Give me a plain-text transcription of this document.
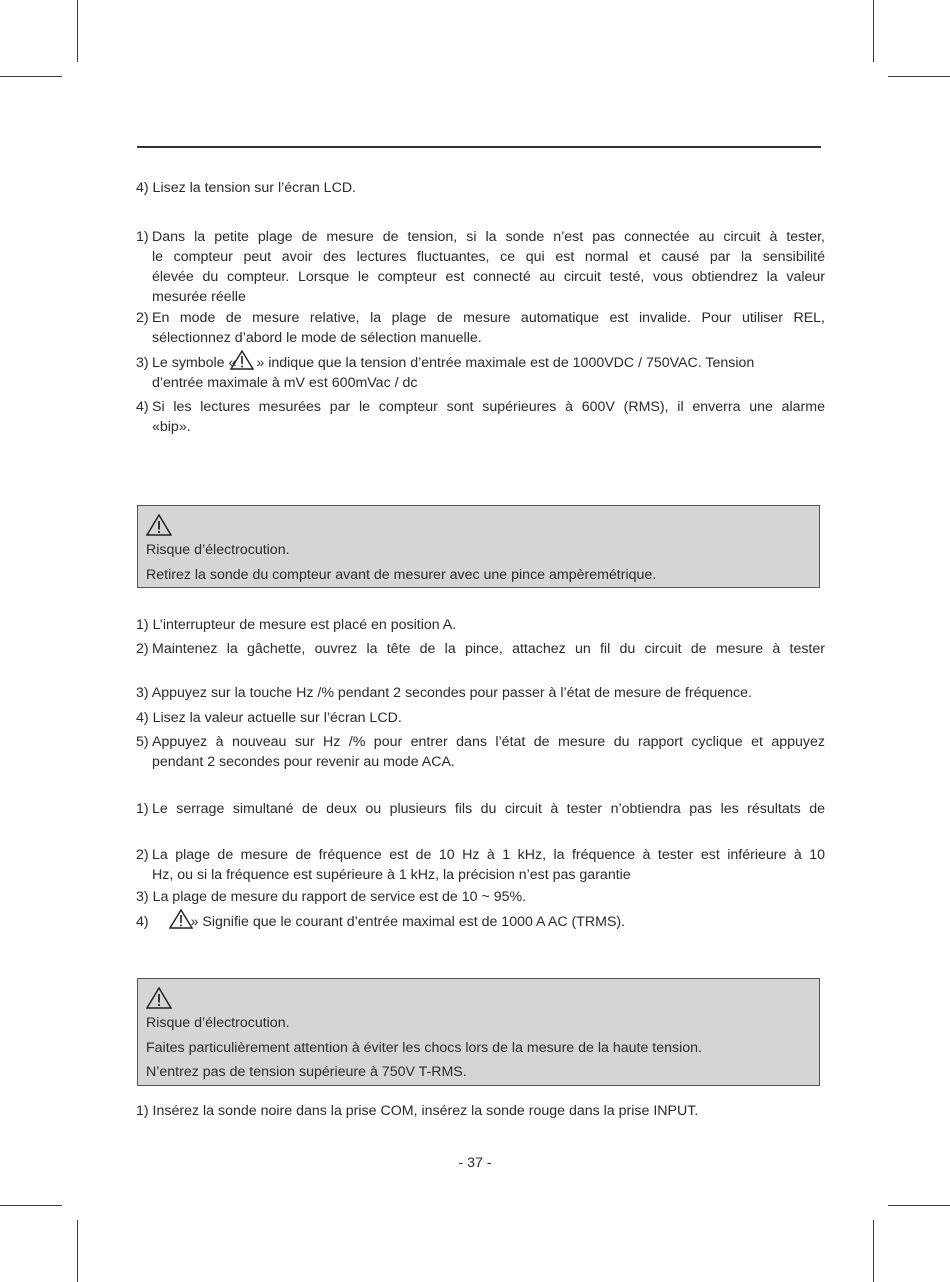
4) Lisez la tension sur l’écran LCD.
1) Dans la petite plage de mesure de tension, si la sonde n’est pas connectée au circuit à tester,
le compteur peut avoir des lectures fluctuantes, ce qui est normal et causé par la sensibilité
élevée du compteur. Lorsque le compteur est connecté au circuit testé, vous obtiendrez la valeur
mesurée réelle
2) En mode de mesure relative, la plage de mesure automatique est invalide. Pour utiliser REL,
sélectionnez d’abord le mode de sélection manuelle.
3) Le symbole « » indique que la tension d’entrée maximale est de 1000VDC / 750VAC. Tension
d’entrée maximale à mV est 600mVac / dc
4) Si les lectures mesurées par le compteur sont supérieures à 600V (RMS), il enverra une alarme
«bip».
Risque d’électrocution.
Retirez la sonde du compteur avant de mesurer avec une pince ampèremétrique.
1) L’interrupteur de mesure est placé en position A.
2) Maintenez la gâchette, ouvrez la tête de la pince, attachez un fil du circuit de mesure à tester
3) Appuyez sur la touche Hz /% pendant 2 secondes pour passer à l’état de mesure de fréquence.
4) Lisez la valeur actuelle sur l’écran LCD.
5) Appuyez à nouveau sur Hz /% pour entrer dans l’état de mesure du rapport cyclique et appuyez
pendant 2 secondes pour revenir au mode ACA.
1) Le serrage simultané de deux ou plusieurs fils du circuit à tester n’obtiendra pas les résultats de
2) La plage de mesure de fréquence est de 10 Hz à 1 kHz, la fréquence à tester est inférieure à 10
Hz, ou si la fréquence est supérieure à 1 kHz, la précision n’est pas garantie
3) La plage de mesure du rapport de service est de 10 ~ 95%.
4)	» Signifie que le courant d’entrée maximal est de 1000 A AC (TRMS).
Risque d’électrocution.
Faites particulièrement attention à éviter les chocs lors de la mesure de la haute tension.
N’entrez pas de tension supérieure à 750V T-RMS.
1) Insérez la sonde noire dans la prise COM, insérez la sonde rouge dans la prise INPUT.
- 37 -
